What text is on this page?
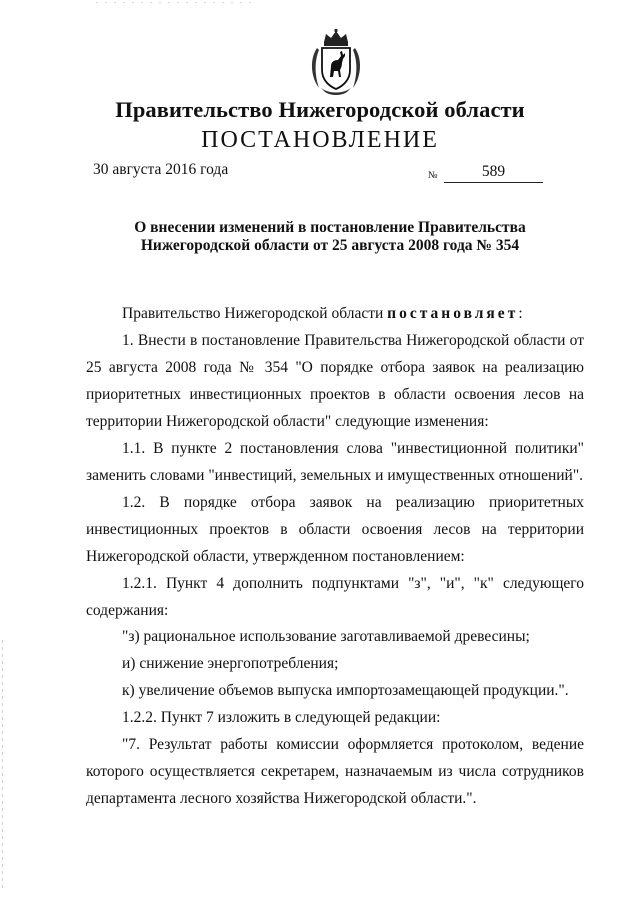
Правительство Нижегородской области
ПОСТАНОВЛЕНИЕ
30 августа 2016 года	№	589
О внесении изменений в постановление Правительства
Нижегородской области от 25 августа 2008 года № 354
Правительство Нижегородской области постановляет:
1. Внести в постановление Правительства Нижегородской области от
25 августа 2008 года № 354 "О порядке отбора заявок на реализацию
приоритетных инвестиционных проектов в области освоения лесов на
территории Нижегородской области" следующие изменения:
1.1. В пункте 2 постановления слова "инвестиционной политики"
заменить словами "инвестиций, земельных и имущественных отношений".
1.2. В порядке отбора заявок на реализацию приоритетных
инвестиционных проектов в области освоения лесов на территории
Нижегородской области, утвержденном постановлением:
1.2.1. Пункт 4 дополнить подпунктами "з", "и", "к" следующего
содержания:
"з) рациональное использование заготавливаемой древесины;
и) снижение энергопотребления;
к) увеличение объемов выпуска импортозамещающей продукции.".
1.2.2. Пункт 7 изложить в следующей редакции:
"7. Результат работы комиссии оформляется протоколом, ведение
которого осуществляется секретарем, назначаемым из числа сотрудников
департамента лесного хозяйства Нижегородской области.".
